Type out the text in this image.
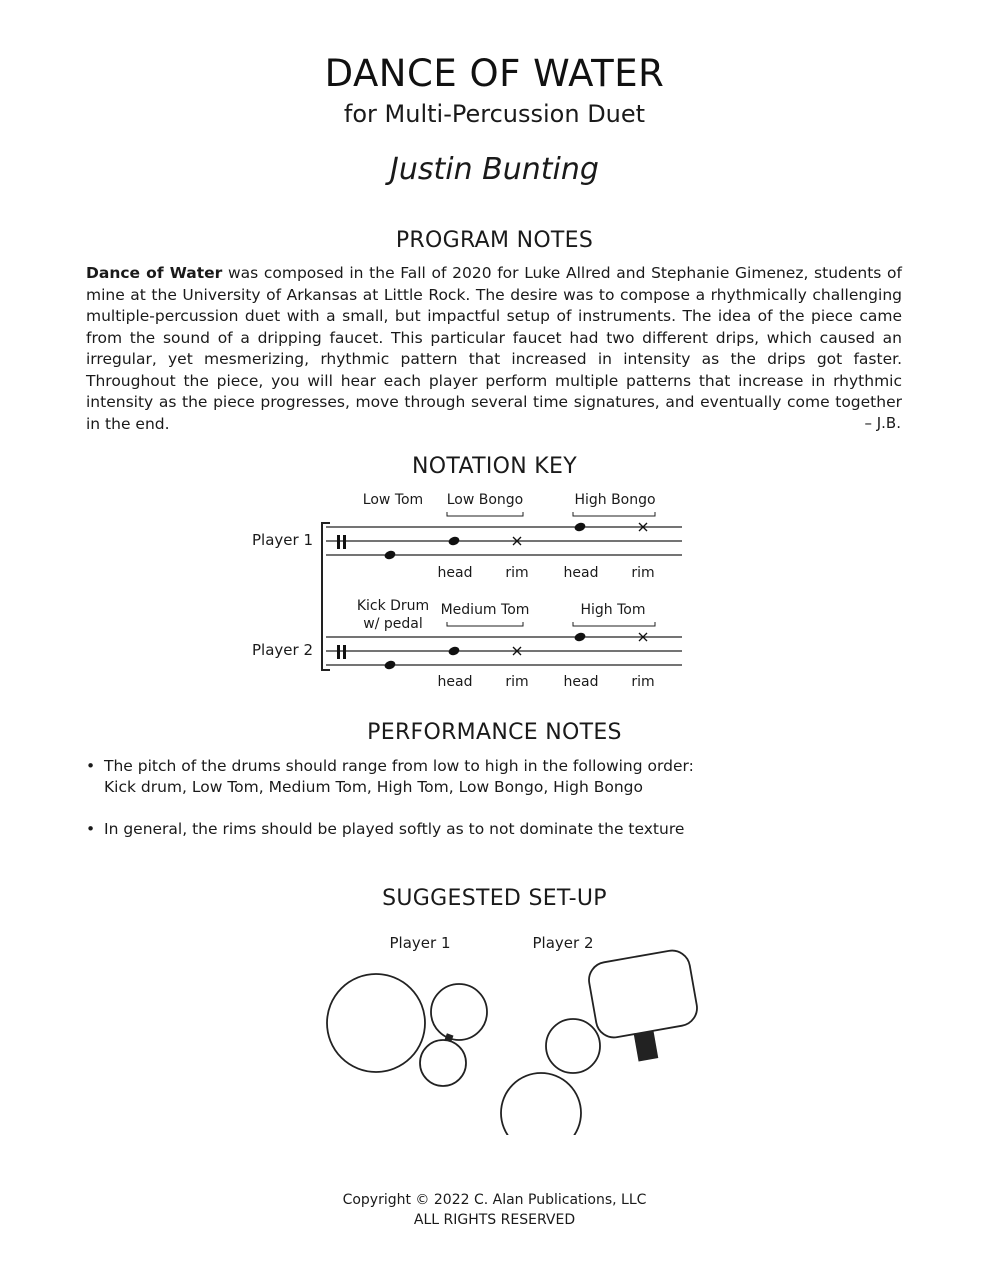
DANCE OF WATER
for Multi-Percussion Duet
Justin Bunting
PROGRAM NOTES
Dance of Water was composed in the Fall of 2020 for Luke Allred and Stephanie Gimenez, students of mine at the University of Arkansas at Little Rock. The desire was to compose a rhythmically challenging multiple-percussion duet with a small, but impactful setup of instruments. The idea of the piece came from the sound of a dripping faucet. This particular faucet had two different drips, which caused an irregular, yet mesmerizing, rhythmic pattern that increased in intensity as the drips got faster. Throughout the piece, you will hear each player perform multiple patterns that increase in rhythmic intensity as the piece progresses, move through several time signatures, and eventually come together in the end.	– J.B.
NOTATION KEY
Player 1
Low Tom Low Bongo	High Bongo
head rim head rim
Player 2
Kick Drum
w/ pedal
Medium Tom	High Tom
head rim head rim
PERFORMANCE NOTES
• The pitch of the drums should range from low to high in the following order:
Kick drum, Low Tom, Medium Tom, High Tom, Low Bongo, High Bongo
• In general, the rims should be played softly as to not dominate the texture
SUGGESTED SET-UP
Player 1	Player 2
Copyright © 2022 C. Alan Publications, LLC
ALL RIGHTS RESERVED
